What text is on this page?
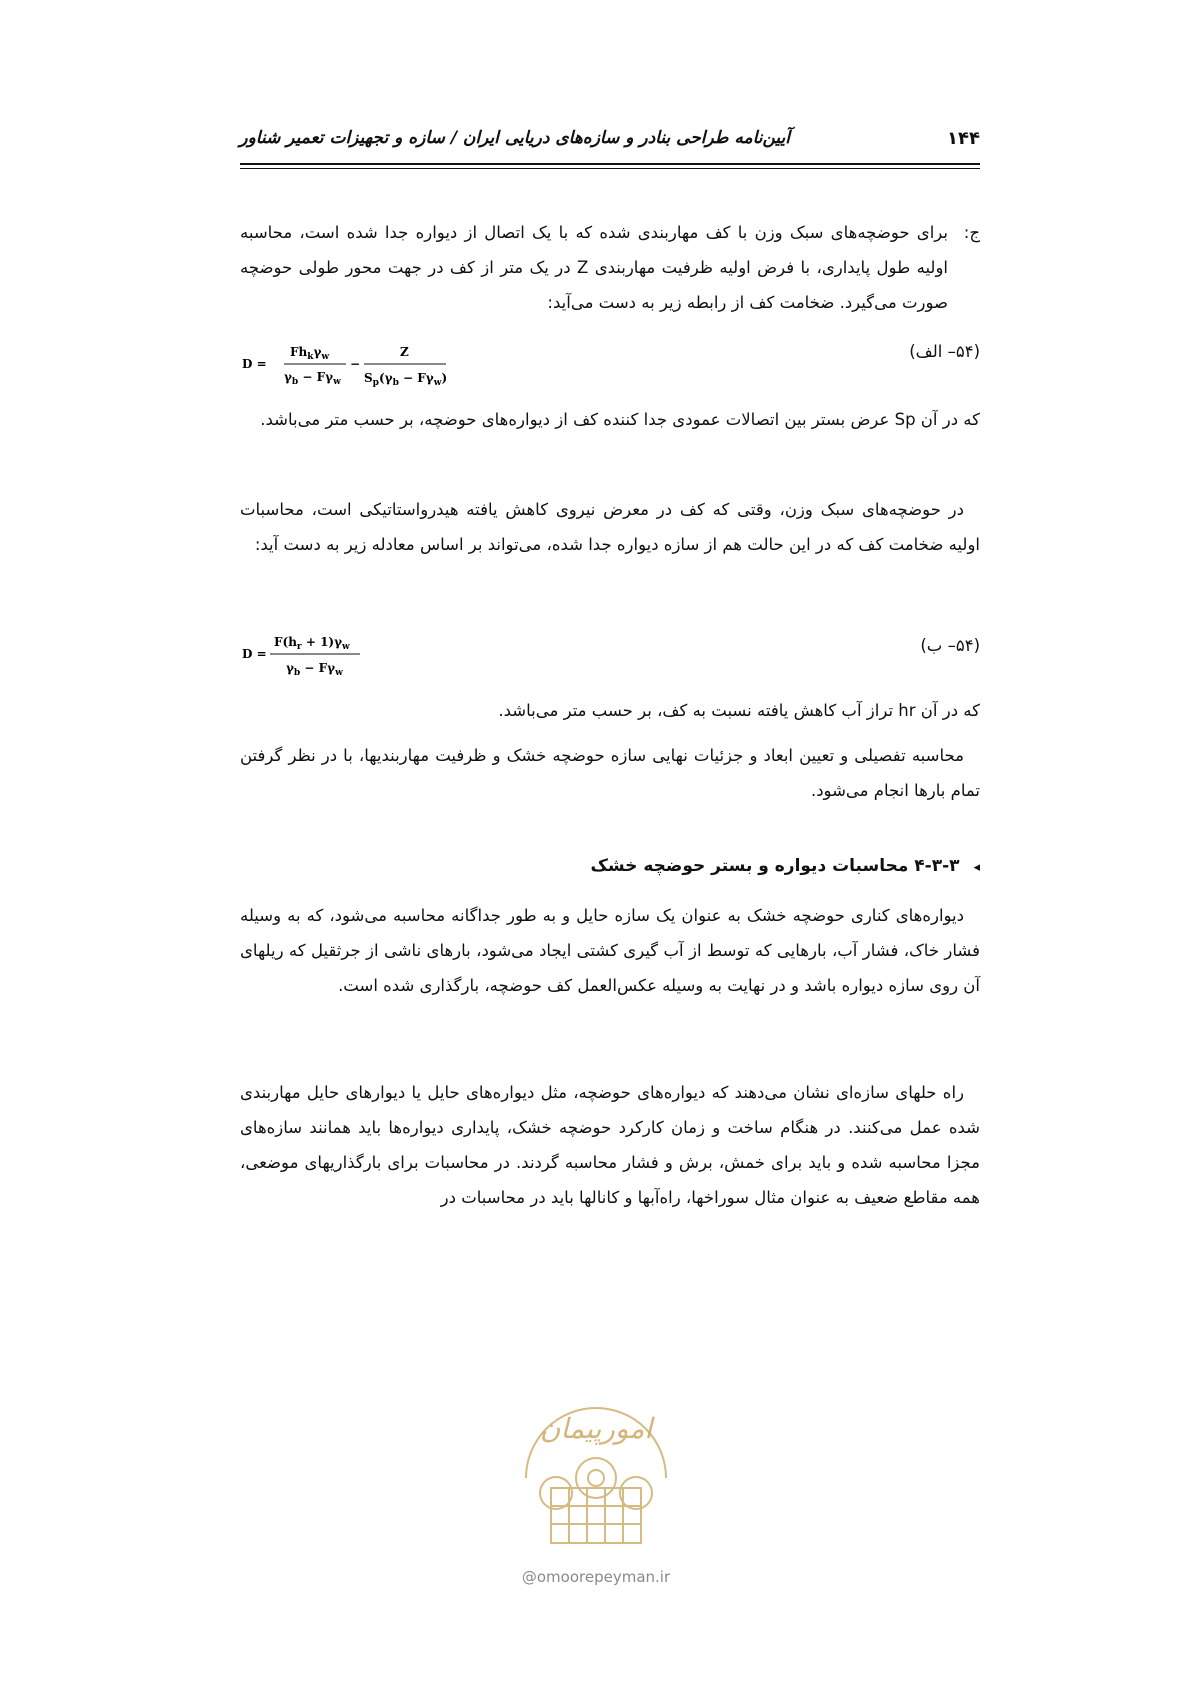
آیین‌نامه طراحی بنادر و سازه‌های دریایی ایران / سازه و تجهیزات تعمیر شناور	۱۴۴
ج:

برای حوضچه‌های سبک وزن با کف مهاربندی شده که با یک اتصال از دیواره جدا شده است، محاسبه اولیه طول پایداری، با فرض اولیه ظرفیت مهاربندی Z در یک متر از کف در جهت محور طولی حوضچه صورت می‌گیرد. ضخامت کف از رابطه زیر به دست می‌آید:

(۵۴– الف)
D =
$Fh_k\gamma_w$
$\gamma_b - F\gamma_w$
−
Z
$S_p(\gamma_b - F\gamma_w)$

که در آن Sp عرض بستر بین اتصالات عمودی جدا کننده کف از دیواره‌های حوضچه، بر حسب متر می‌باشد.

در حوضچه‌های سبک وزن، وقتی که کف در معرض نیروی کاهش یافته هیدرواستاتیکی است، محاسبات اولیه ضخامت کف که در این حالت هم از سازه دیواره جدا شده، می‌تواند بر اساس معادله زیر به دست آید:

(۵۴– ب)
D =
$F(h_r + 1)\gamma_w$
$\gamma_b - F\gamma_w$

که در آن hr تراز آب کاهش یافته نسبت به کف، بر حسب متر می‌باشد.

محاسبه تفصیلی و تعیین ابعاد و جزئیات نهایی سازه حوضچه خشک و ظرفیت مهاربندیها، با در نظر گرفتن تمام بارها انجام می‌شود.

◂ ۴-۳-۳ محاسبات دیواره و بستر حوضچه خشک

دیواره‌های کناری حوضچه خشک به عنوان یک سازه حایل و به طور جداگانه محاسبه می‌شود، که به وسیله فشار خاک، فشار آب، بارهایی که توسط از آب گیری کشتی ایجاد می‌شود، بارهای ناشی از جرثقیل که ریلهای آن روی سازه دیواره باشد و در نهایت به وسیله عکس‌العمل کف حوضچه، بارگذاری شده است.

راه حلهای سازه‌ای نشان می‌دهند که دیواره‌های حوضچه، مثل دیواره‌های حایل یا دیوارهای حایل مهاربندی شده عمل می‌کنند. در هنگام ساخت و زمان کارکرد حوضچه خشک، پایداری دیواره‌ها باید همانند سازه‌های مجزا محاسبه شده و باید برای خمش، برش و فشار محاسبه گردند. در محاسبات برای بارگذاریهای موضعی، همه مقاطع ضعیف به عنوان مثال سوراخها، راه‌آبها و کانالها باید در محاسبات در

امورپیمان
@omoorepeyman.ir
